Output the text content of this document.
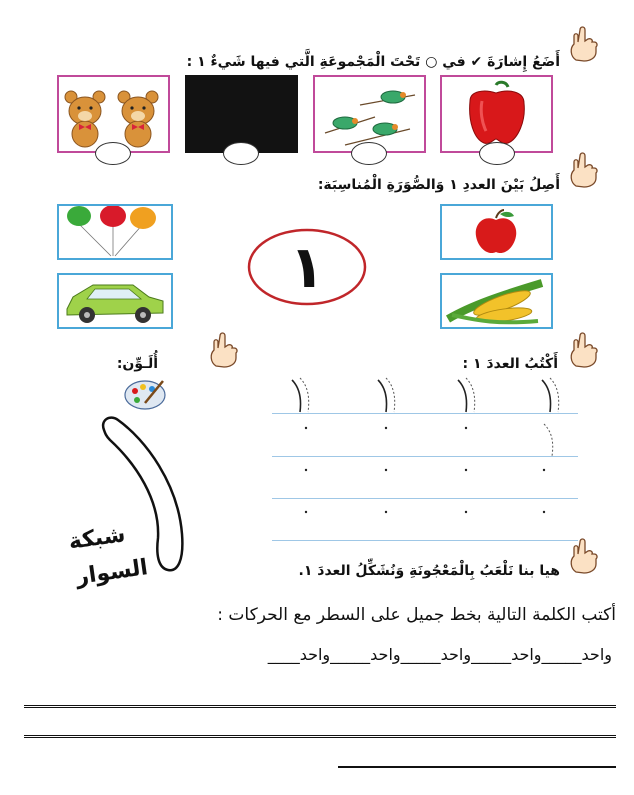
أَضَعُ إِشارَةَ ✔ في ○ تَحْتَ الْمَجْموعَةِ الَّتي فيها شَيءٌ ١ :
أَصِلُ بَيْنَ العددِ ١ وَالصُّوَرَةِ الْمُناسِبَة:
١
أَكْتُبُ العددَ ١ :
أُلَـوِّن:
شبكة
السوار	هيا بنا نَلْعَبُ بِالْمَعْجُونَةِ وَنُشَكِّلُ العددَ ١.
أكتب الكلمة التالية بخط جميل على السطر مع الحركات :
واحد_____واحد_____واحد_____واحد_____واحد____
